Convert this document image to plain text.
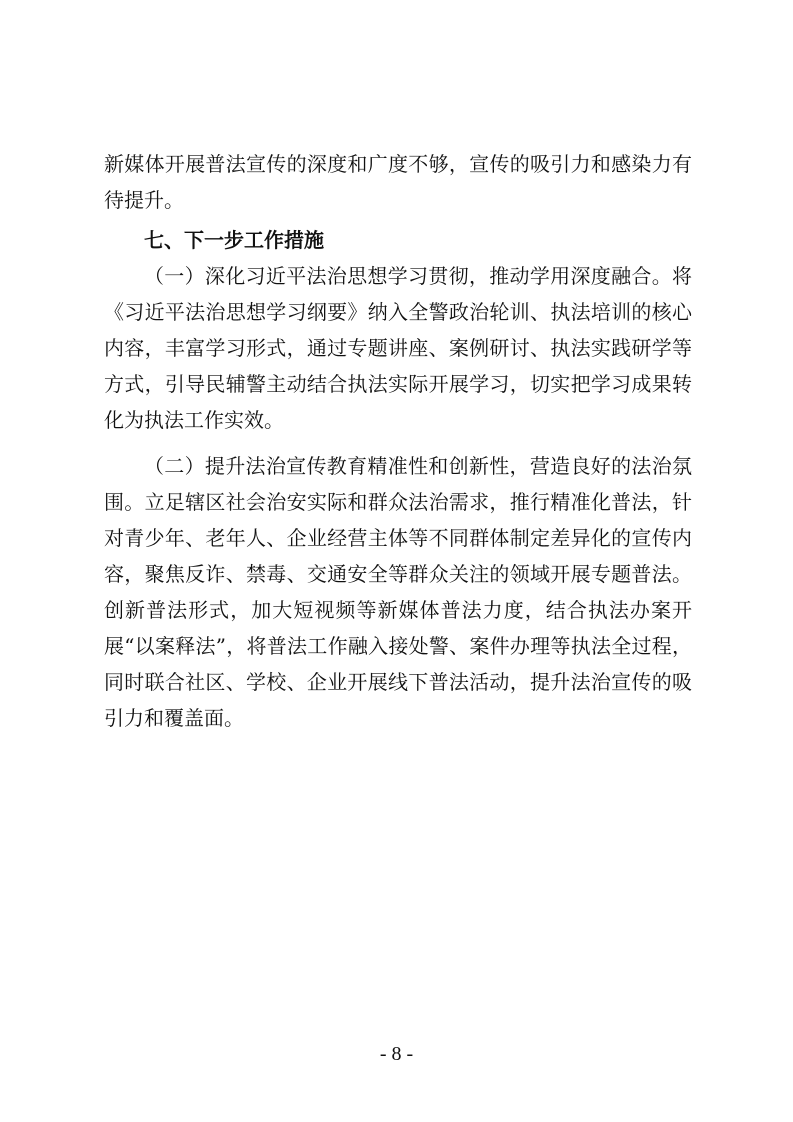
新媒体开展普法宣传的深度和广度不够，宣传的吸引力和感染力有待提升。

七、下一步工作措施

（一）深化习近平法治思想学习贯彻，推动学用深度融合。将《习近平法治思想学习纲要》纳入全警政治轮训、执法培训的核心内容，丰富学习形式，通过专题讲座、案例研讨、执法实践研学等方式，引导民辅警主动结合执法实际开展学习，切实把学习成果转化为执法工作实效。

（二）提升法治宣传教育精准性和创新性，营造良好的法治氛围。立足辖区社会治安实际和群众法治需求，推行精准化普法，针对青少年、老年人、企业经营主体等不同群体制定差异化的宣传内容，聚焦反诈、禁毒、交通安全等群众关注的领域开展专题普法。创新普法形式，加大短视频等新媒体普法力度，结合执法办案开展“以案释法”，将普法工作融入接处警、案件办理等执法全过程，同时联合社区、学校、企业开展线下普法活动，提升法治宣传的吸引力和覆盖面。

- 8 -
